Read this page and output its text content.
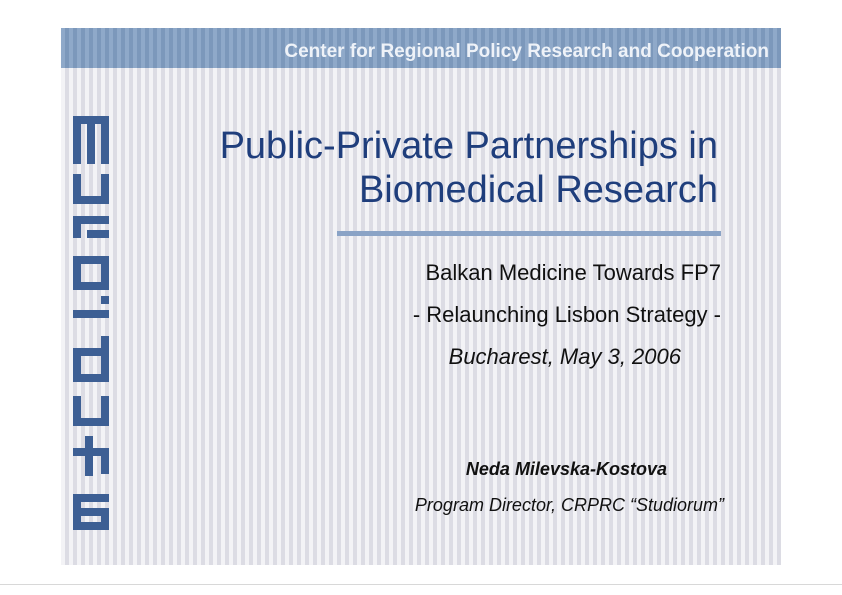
Center for Regional Policy Research and Cooperation
Public-Private Partnerships in
Biomedical Research
Balkan Medicine Towards FP7
- Relaunching Lisbon Strategy -
Bucharest, May 3, 2006
Neda Milevska-Kostova
Program Director, CRPRC “Studiorum”
